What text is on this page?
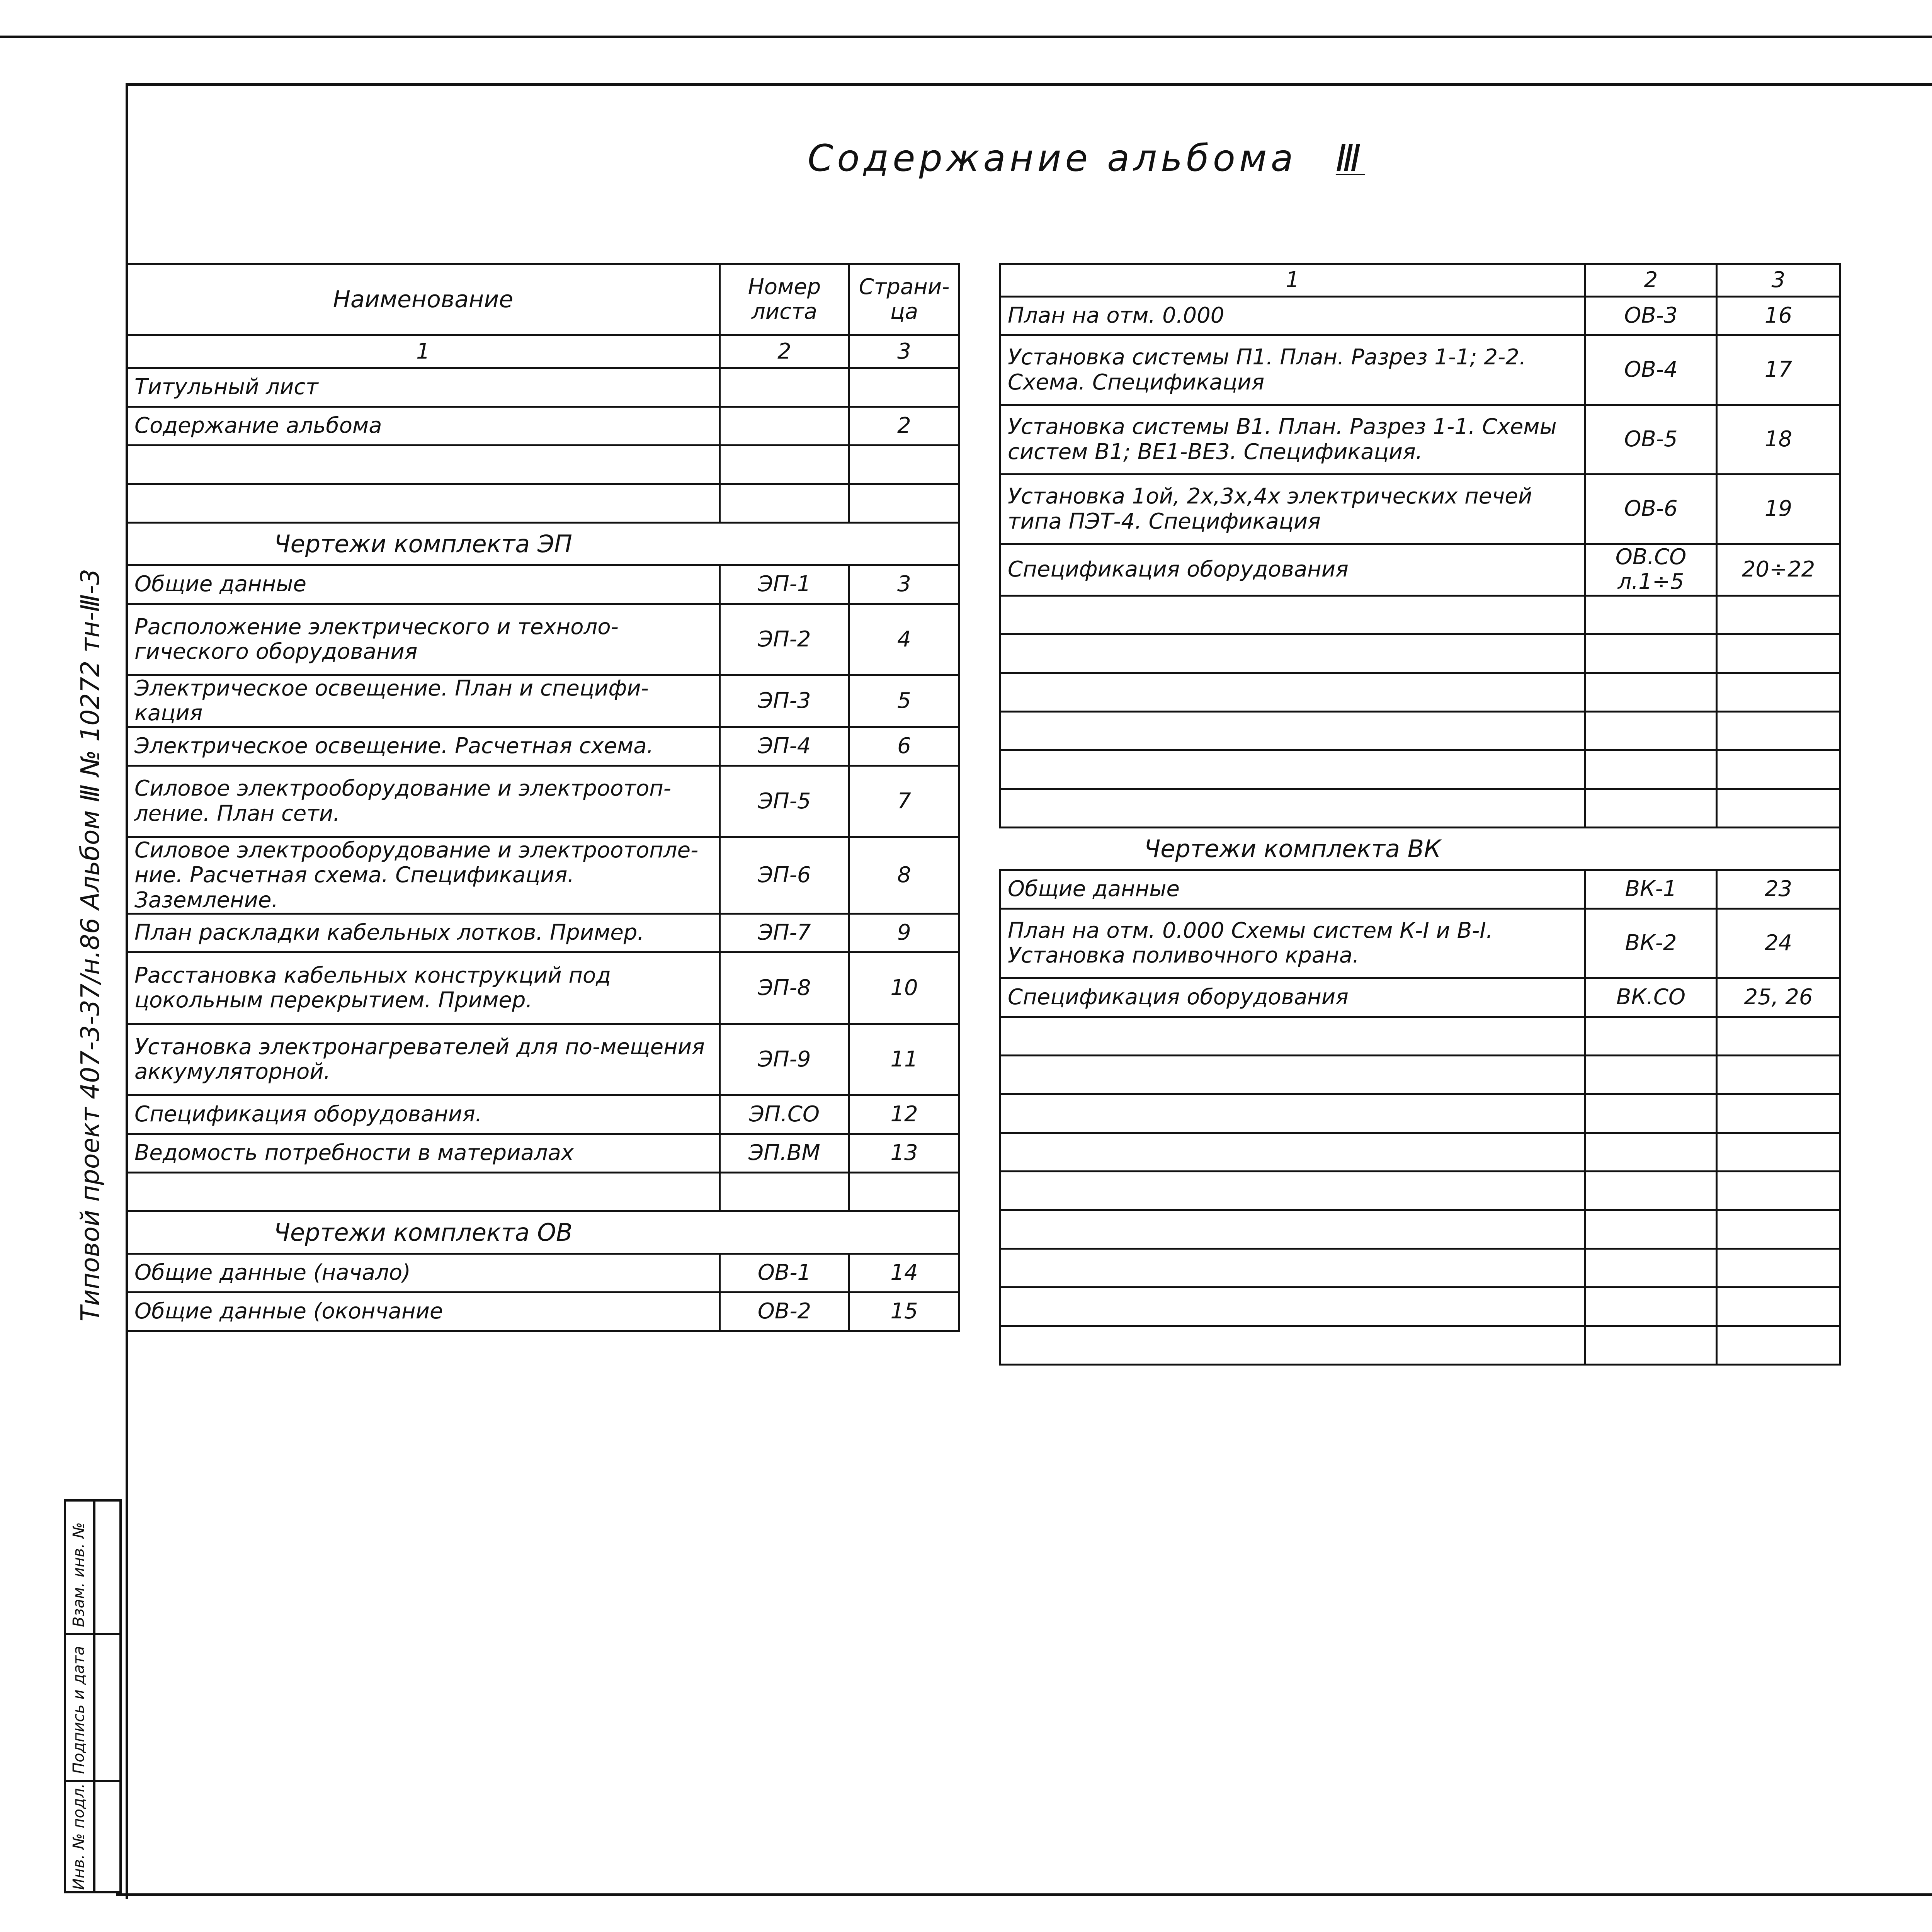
Содержание альбома Ⅲ
Типовой проект 407-3-37/н.86 Альбом Ⅲ № 10272 тн-Ⅲ-3
Наименование	Номер листа	Страни-ца
1	2	3
Титульный лист		
Содержание альбома		2

Чертежи комплекта ЭП		
Общие данные	ЭП-1	3
Расположение электрического и техноло-гического оборудования	ЭП-2	4
Электрическое освещение. План и специфи-кация	ЭП-3	5
Электрическое освещение. Расчетная схема.	ЭП-4	6
Силовое электрооборудование и электроотоп-ление. План сети.	ЭП-5	7
Силовое электрооборудование и электроотопле-ние. Расчетная схема. Спецификация. Заземление.	ЭП-6	8
План раскладки кабельных лотков. Пример.	ЭП-7	9
Расстановка кабельных конструкций под цокольным перекрытием. Пример.	ЭП-8	10
Установка электронагревателей для по-мещения аккумуляторной.	ЭП-9	11
Спецификация оборудования.	ЭП.СО	12
Ведомость потребности в материалах	ЭП.ВМ	13

Чертежи комплекта ОВ		
Общие данные (начало)	ОВ-1	14
Общие данные (окончание	ОВ-2	15
1	2	3
План на отм. 0.000	ОВ-3	16
Установка системы П1. План. Разрез 1-1; 2-2. Схема. Спецификация	ОВ-4	17
Установка системы В1. План. Разрез 1-1. Схемы систем В1; ВЕ1-ВЕ3. Спецификация.	ОВ-5	18
Установка 1ой, 2х,3х,4х электрических печей типа ПЭТ-4. Спецификация	ОВ-6	19
Спецификация оборудования	ОВ.СО л.1÷5	20÷22

Чертежи комплекта ВК		
Общие данные	ВК-1	23
План на отм. 0.000 Схемы систем К-I и В-I. Установка поливочного крана.	ВК-2	24
Спецификация оборудования	ВК.СО	25, 26

Инв. № подл.
Подпись и дата
Взам. инв. №
